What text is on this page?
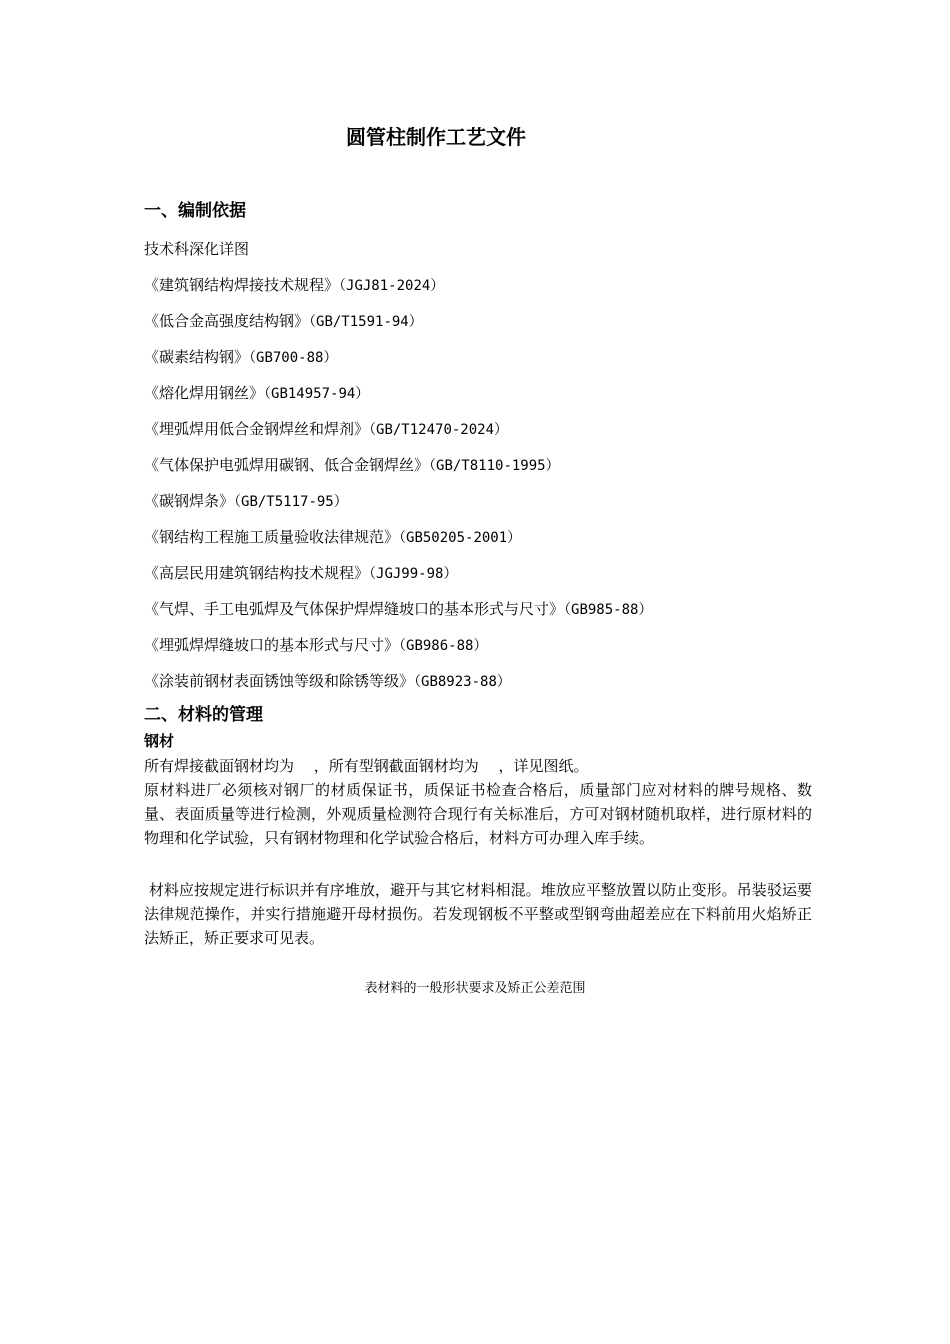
圆管柱制作工艺文件
一、编制依据
技术科深化详图
《建筑钢结构焊接技术规程》（JGJ81-2024）
《低合金高强度结构钢》（GB/T1591-94）
《碳素结构钢》（GB700-88）
《熔化焊用钢丝》（GB14957-94）
《埋弧焊用低合金钢焊丝和焊剂》（GB/T12470-2024）
《气体保护电弧焊用碳钢、低合金钢焊丝》（GB/T8110-1995）
《碳钢焊条》（GB/T5117-95）
《钢结构工程施工质量验收法律规范》（GB50205-2001）
《高层民用建筑钢结构技术规程》（JGJ99-98）
《气焊、手工电弧焊及气体保护焊焊缝坡口的基本形式与尺寸》（GB985-88）
《埋弧焊焊缝坡口的基本形式与尺寸》（GB986-88）
《涂装前钢材表面锈蚀等级和除锈等级》（GB8923-88）
二、材料的管理
钢材
所有焊接截面钢材均为　 ，所有型钢截面钢材均为　 ，详见图纸。
原材料进厂必须核对钢厂的材质保证书，质保证书检查合格后，质量部门应对材料的牌号规格、数量、表面质量等进行检测，外观质量检测符合现行有关标准后，方可对钢材随机取样，进行原材料的物理和化学试验，只有钢材物理和化学试验合格后，材料方可办理入库手续。
材料应按规定进行标识并有序堆放，避开与其它材料相混。堆放应平整放置以防止变形。吊装驳运要法律规范操作，并实行措施避开母材损伤。若发现钢板不平整或型钢弯曲超差应在下料前用火焰矫正法矫正，矫正要求可见表。
表材料的一般形状要求及矫正公差范围
